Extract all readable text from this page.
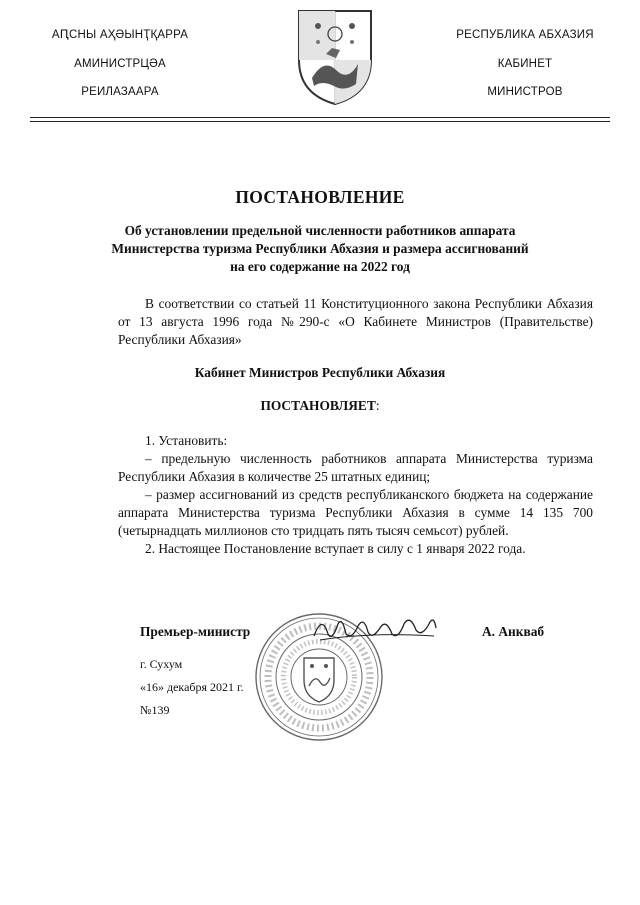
АԤСНЫ АҲӘЫНҬҚАРРА
АМИНИСТРЦӘА
РЕИЛАЗААРА
РЕСПУБЛИКА АБХАЗИЯ
КАБИНЕТ
МИНИСТРОВ
ПОСТАНОВЛЕНИЕ
Об установлении предельной численности работников аппарата
Министерства туризма Республики Абхазия и размера ассигнований
на его содержание на 2022 год
В соответствии со статьей 11 Конституционного закона Республики Абхазия от 13 августа 1996 года №290-с «О Кабинете Министров (Правительстве) Республики Абхазия»
Кабинет Министров Республики Абхазия
ПОСТАНОВЛЯЕТ:
1. Установить:
– предельную численность работников аппарата Министерства туризма Республики Абхазия в количестве 25 штатных единиц;
– размер ассигнований из средств республиканского бюджета на содержание аппарата Министерства туризма Республики Абхазия в сумме 14 135 700 (четырнадцать миллионов сто тридцать пять тысяч семьсот) рублей.
2. Настоящее Постановление вступает в силу с 1 января 2022 года.
Премьер-министр	А. Анкваб
г. Сухум
«16» декабря 2021 г.
№139
